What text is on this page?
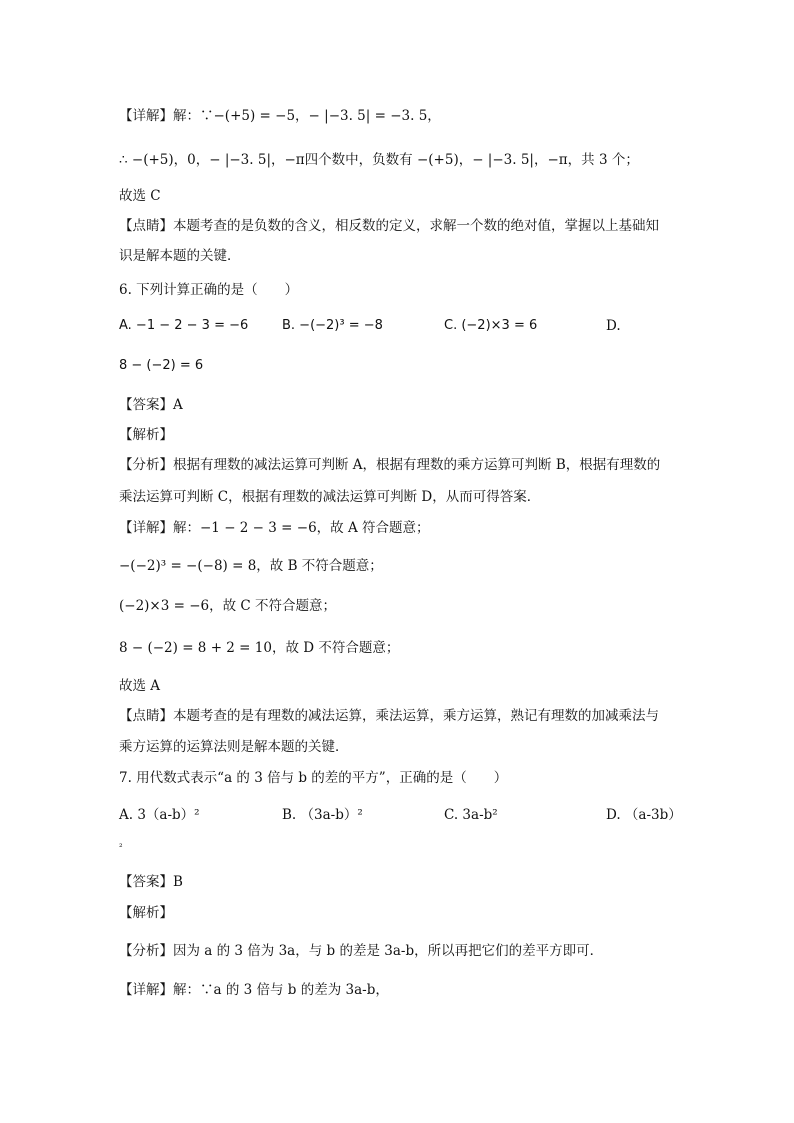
【详解】解：∵−(+5) = −5，− |−3. 5| = −3. 5，
∴ −(+5)，0，− |−3. 5|，−π四个数中，负数有 −(+5)，− |−3. 5|，−π，共 3 个；
故选 C
【点睛】本题考查的是负数的含义，相反数的定义，求解一个数的绝对值，掌握以上基础知
识是解本题的关键．
6. 下列计算正确的是（　　）
A. −1 − 2 − 3 = −6	B. −(−2)³ = −8	C. (−2)×3 = 6	D.
8 − (−2) = 6
【答案】A
【解析】
【分析】根据有理数的减法运算可判断 A，根据有理数的乘方运算可判断 B，根据有理数的
乘法运算可判断 C，根据有理数的减法运算可判断 D，从而可得答案．
【详解】解：−1 − 2 − 3 = −6，故 A 符合题意；
−(−2)³ = −(−8) = 8，故 B 不符合题意；
(−2)×3 = −6，故 C 不符合题意；
8 − (−2) = 8 + 2 = 10，故 D 不符合题意；
故选 A
【点睛】本题考查的是有理数的减法运算，乘法运算，乘方运算，熟记有理数的加减乘法与
乘方运算的运算法则是解本题的关键．
7. 用代数式表示“a 的 3 倍与 b 的差的平方”，正确的是（　　）
A. 3（a-b）²	B. （3a-b）²	C. 3a-b²	D. （a-3b）
²
【答案】B
【解析】
【分析】因为 a 的 3 倍为 3a，与 b 的差是 3a-b，所以再把它们的差平方即可．
【详解】解：∵a 的 3 倍与 b 的差为 3a-b，
